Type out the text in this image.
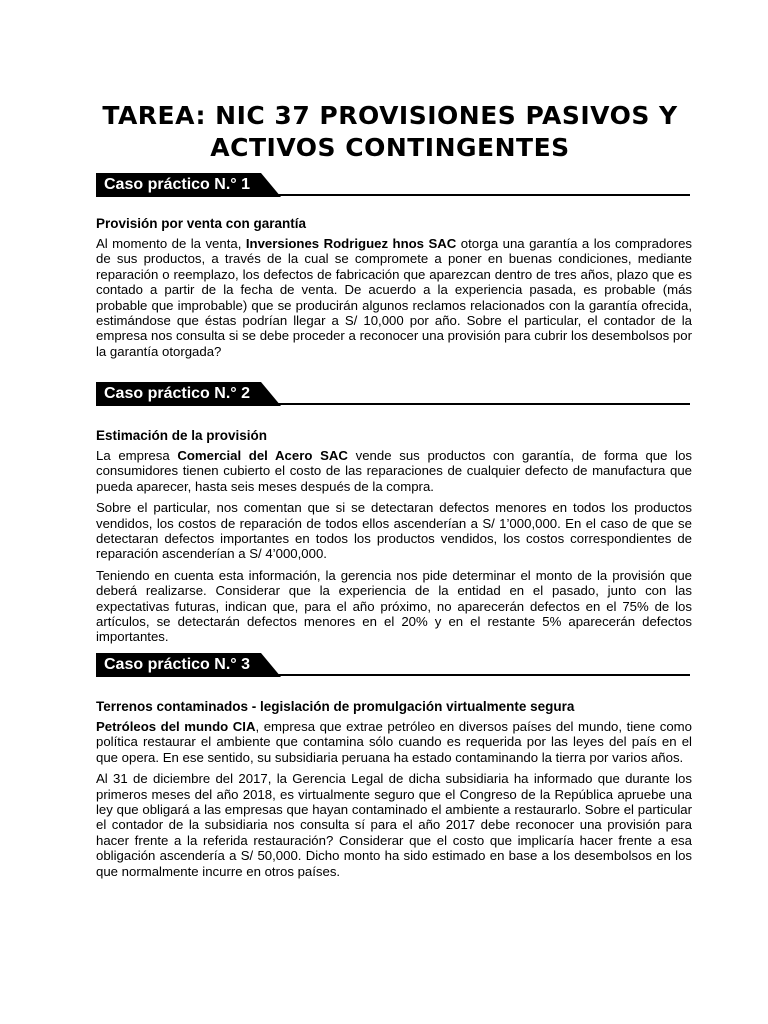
TAREA: NIC 37 PROVISIONES PASIVOS Y
ACTIVOS CONTINGENTES
Caso práctico N.° 1
Provisión por venta con garantía

Al momento de la venta, Inversiones Rodriguez hnos SAC otorga una garantía a los compradores de sus productos, a través de la cual se compromete a poner en buenas condiciones, mediante reparación o reemplazo, los defectos de fabricación que aparezcan dentro de tres años, plazo que es contado a partir de la fecha de venta. De acuerdo a la experiencia pasada, es probable (más probable que improbable) que se producirán algunos reclamos relacionados con la garantía ofrecida, estimándose que éstas podrían llegar a S/ 10,000 por año. Sobre el particular, el contador de la empresa nos consulta si se debe proceder a reconocer una provisión para cubrir los desembolsos por la garantía otorgada?

Caso práctico N.° 2
Estimación de la provisión

La empresa Comercial del Acero SAC vende sus productos con garantía, de forma que los consumidores tienen cubierto el costo de las reparaciones de cualquier defecto de manufactura que pueda aparecer, hasta seis meses después de la compra.

Sobre el particular, nos comentan que si se detectaran defectos menores en todos los productos vendidos, los costos de reparación de todos ellos ascenderían a S/ 1’000,000. En el caso de que se detectaran defectos importantes en todos los productos vendidos, los costos correspondientes de reparación ascenderían a S/ 4’000,000.

Teniendo en cuenta esta información, la gerencia nos pide determinar el monto de la provisión que deberá realizarse. Considerar que la experiencia de la entidad en el pasado, junto con las expectativas futuras, indican que, para el año próximo, no aparecerán defectos en el 75% de los artículos, se detectarán defectos menores en el 20% y en el restante 5% aparecerán defectos importantes.

Caso práctico N.° 3
Terrenos contaminados - legislación de promulgación virtualmente segura

Petróleos del mundo CIA, empresa que extrae petróleo en diversos países del mundo, tiene como política restaurar el ambiente que contamina sólo cuando es requerida por las leyes del país en el que opera. En ese sentido, su subsidiaria peruana ha estado contaminando la tierra por varios años.

Al 31 de diciembre del 2017, la Gerencia Legal de dicha subsidiaria ha informado que durante los primeros meses del año 2018, es virtualmente seguro que el Congreso de la República apruebe una ley que obligará a las empresas que hayan contaminado el ambiente a restaurarlo. Sobre el particular el contador de la subsidiaria nos consulta sí para el año 2017 debe reconocer una provisión para hacer frente a la referida restauración? Considerar que el costo que implicaría hacer frente a esa obligación ascendería a S/ 50,000. Dicho monto ha sido estimado en base a los desembolsos en los que normalmente incurre en otros países.
